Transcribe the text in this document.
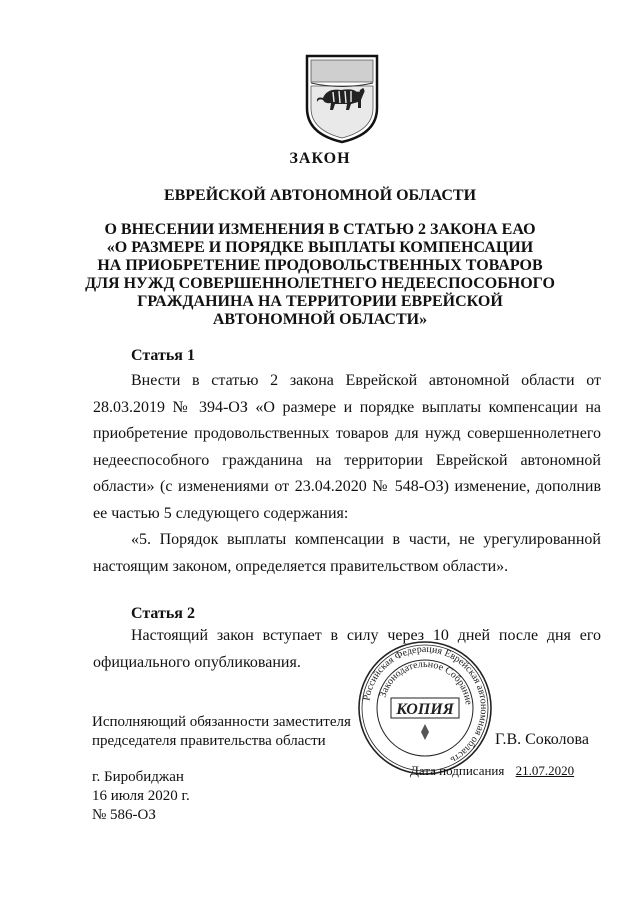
ЗАКОН
ЕВРЕЙСКОЙ АВТОНОМНОЙ ОБЛАСТИ
О ВНЕСЕНИИ ИЗМЕНЕНИЯ В СТАТЬЮ 2 ЗАКОНА ЕАО
«О РАЗМЕРЕ И ПОРЯДКЕ ВЫПЛАТЫ КОМПЕНСАЦИИ
НА ПРИОБРЕТЕНИЕ ПРОДОВОЛЬСТВЕННЫХ ТОВАРОВ
ДЛЯ НУЖД СОВЕРШЕННОЛЕТНЕГО НЕДЕЕСПОСОБНОГО
ГРАЖДАНИНА НА ТЕРРИТОРИИ ЕВРЕЙСКОЙ
АВТОНОМНОЙ ОБЛАСТИ»
Статья 1

Внести в статью 2 закона Еврейской автономной области от 28.03.2019 № 394-ОЗ «О размере и порядке выплаты компенсации на приобретение продовольственных товаров для нужд совершеннолетнего недееспособного гражданина на территории Еврейской автономной области» (с изменениями от 23.04.2020 № 548-ОЗ) изменение, дополнив ее частью 5 следующего содержания:

«5. Порядок выплаты компенсации в части, не урегулированной настоящим законом, определяется правительством области».

Статья 2

Настоящий закон вступает в силу через 10 дней после дня его официального опубликования.

Российская Федерация Еврейская автономная область
Законодательное Собрание
КОПИЯ
Исполняющий обязанности заместителя
председателя правительства области	Г.В. Соколова
Дата подписания 21.07.2020
г. Биробиджан
16 июля 2020 г.
№ 586-ОЗ
